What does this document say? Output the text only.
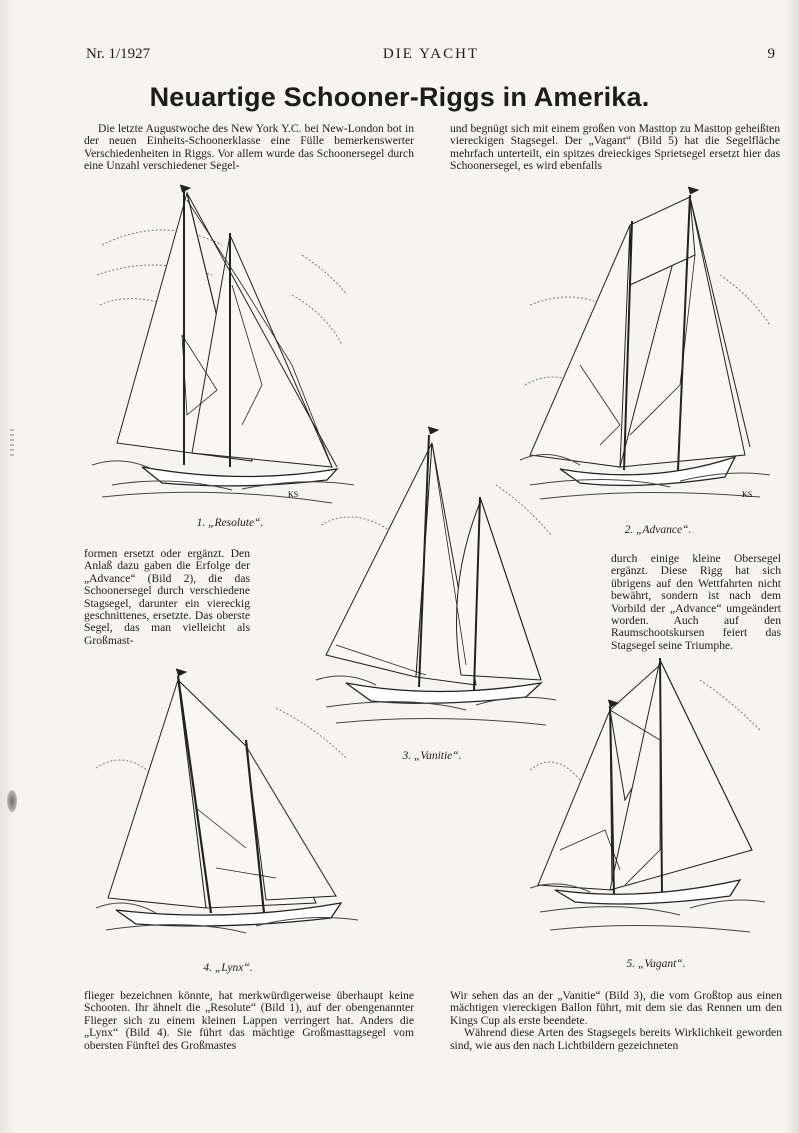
Nr. 1/1927	DIE YACHT	9
Neuartige Schooner-Riggs in Amerika.

Die letzte Augustwoche des New York Y.C. bei New-London bot in der neuen Einheits-Schoonerklasse eine Fülle bemerkenswerter Verschiedenheiten in Riggs. Vor allem wurde das Schoonersegel durch eine Unzahl verschiedener Segel-

und begnügt sich mit einem großen von Masttop zu Masttop geheißten viereckigen Stagsegel. Der „Vagant“ (Bild 5) hat die Segelfläche mehrfach unterteilt, ein spitzes dreieckiges Sprietsegel ersetzt hier das Schoonersegel, es wird ebenfalls

formen ersetzt oder ergänzt. Den Anlaß dazu gaben die Erfolge der „Advance“ (Bild 2), die das Schoonersegel durch verschiedene Stagsegel, darunter ein viereckig geschnittenes, ersetzte. Das oberste Segel, das man vielleicht als Großmast-

durch einige kleine Obersegel ergänzt. Diese Rigg hat sich übrigens auf den Wettfahrten nicht bewährt, sondern ist nach dem Vorbild der „Advance“ umgeändert worden. Auch auf den Raumschootskursen feiert das Stagsegel seine Triumphe.

flieger bezeichnen könnte, hat merkwürdigerweise überhaupt keine Schooten. Ihr ähnelt die „Resolute“ (Bild 1), auf der obengenannter Flieger sich zu einem kleinen Lappen verringert hat. Anders die „Lynx“ (Bild 4). Sie führt das mächtige Großmasttagsegel vom obersten Fünftel des Großmastes

Wir sehen das an der „Vanitie“ (Bild 3), die vom Großtop aus einen mächtigen viereckigen Ballon führt, mit dem sie das Rennen um den Kings Cup als erste beendete.

Während diese Arten des Stagsegels bereits Wirklichkeit geworden sind, wie aus den nach Lichtbildern gezeichneten

KS
1. „Resolute“.
KS
2. „Advance“.
3. „Vanitie“.
4. „Lynx“.	5. „Vagant“.
